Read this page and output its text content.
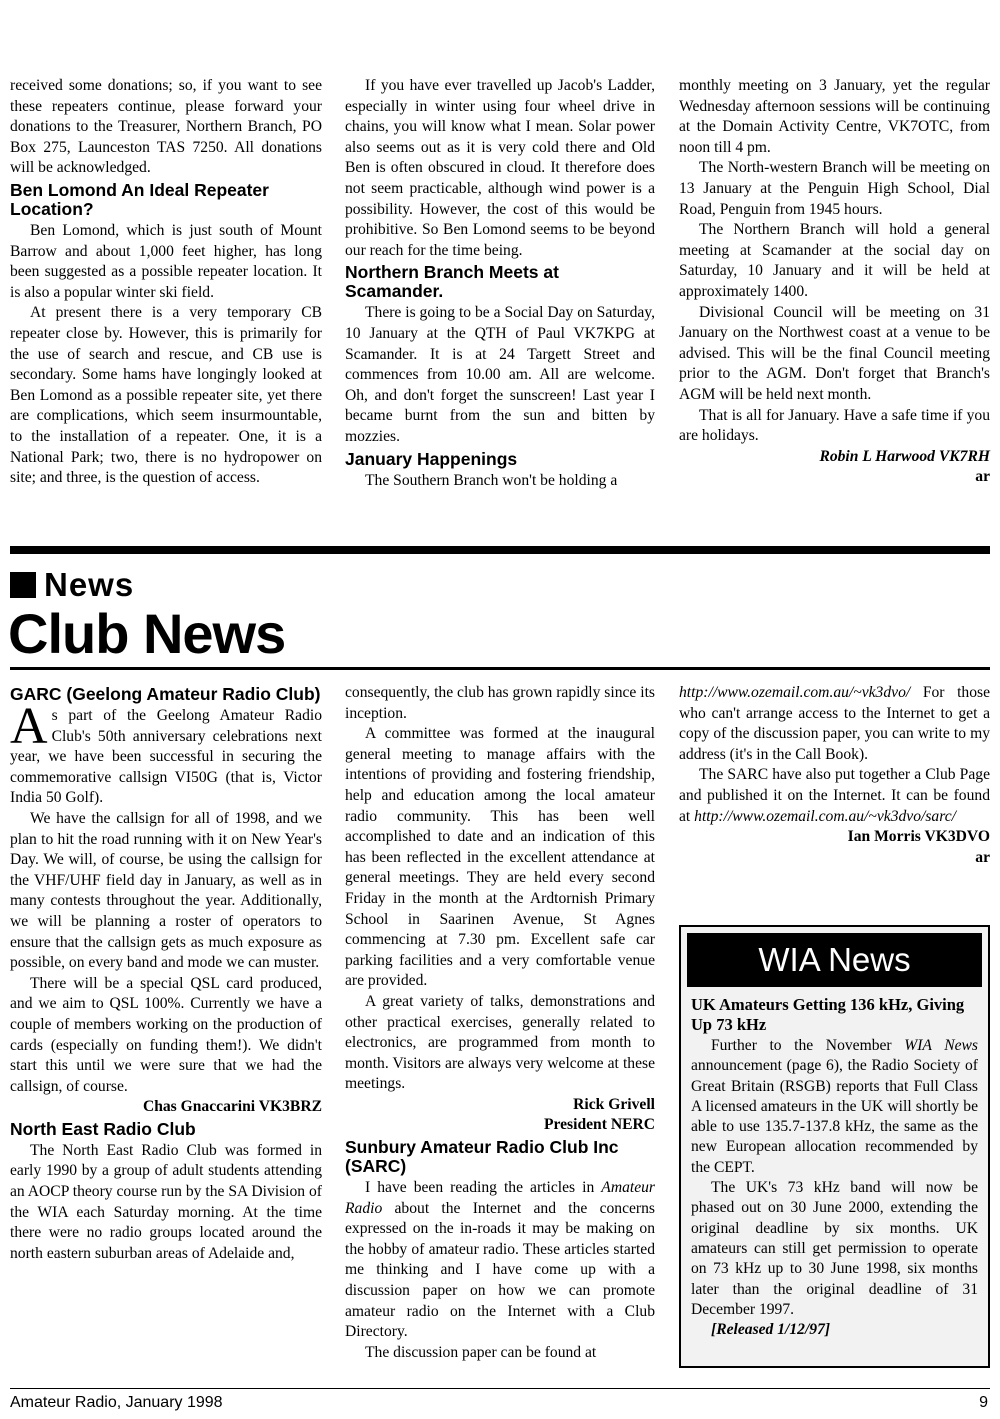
received some donations; so, if you want to see these repeaters continue, please forward your donations to the Treasurer, Northern Branch, PO Box 275, Launceston TAS 7250. All donations will be acknowledged.

Ben Lomond An Ideal Repeater Location?

Ben Lomond, which is just south of Mount Barrow and about 1,000 feet higher, has long been suggested as a possible repeater location. It is also a popular winter ski field.

At present there is a very temporary CB repeater close by. However, this is primarily for the use of search and rescue, and CB use is secondary. Some hams have longingly looked at Ben Lomond as a possible repeater site, yet there are complications, which seem insurmountable, to the installation of a repeater. One, it is a National Park; two, there is no hydropower on site; and three, is the question of access.

If you have ever travelled up Jacob's Ladder, especially in winter using four wheel drive in chains, you will know what I mean. Solar power also seems out as it is very cold there and Old Ben is often obscured in cloud. It therefore does not seem practicable, although wind power is a possibility. However, the cost of this would be prohibitive. So Ben Lomond seems to be beyond our reach for the time being.

Northern Branch Meets at Scamander.

There is going to be a Social Day on Saturday, 10 January at the QTH of Paul VK7KPG at Scamander. It is at 24 Targett Street and commences from 10.00 am. All are welcome. Oh, and don't forget the sunscreen! Last year I became burnt from the sun and bitten by mozzies.

January Happenings

The Southern Branch won't be holding a

monthly meeting on 3 January, yet the regular Wednesday afternoon sessions will be continuing at the Domain Activity Centre, VK7OTC, from noon till 4 pm.

The North-western Branch will be meeting on 13 January at the Penguin High School, Dial Road, Penguin from 1945 hours.

The Northern Branch will hold a general meeting at Scamander at the social day on Saturday, 10 January and it will be held at approximately 1400.

Divisional Council will be meeting on 31 January on the Northwest coast at a venue to be advised. This will be the final Council meeting prior to the AGM. Don't forget that Branch's AGM will be held next month.

That is all for January. Have a safe time if you are holidays.

Robin L Harwood VK7RH

ar

News
Club News
GARC (Geelong Amateur Radio Club)

As part of the Geelong Amateur Radio Club's 50th anniversary celebrations next year, we have been successful in securing the commemorative callsign VI50G (that is, Victor India 50 Golf).

We have the callsign for all of 1998, and we plan to hit the road running with it on New Year's Day. We will, of course, be using the callsign for the VHF/UHF field day in January, as well as in many contests throughout the year. Additionally, we will be planning a roster of operators to ensure that the callsign gets as much exposure as possible, on every band and mode we can muster.

There will be a special QSL card produced, and we aim to QSL 100%. Currently we have a couple of members working on the production of cards (especially on funding them!). We didn't start this until we were sure that we had the callsign, of course.

Chas Gnaccarini VK3BRZ

North East Radio Club

The North East Radio Club was formed in early 1990 by a group of adult students attending an AOCP theory course run by the SA Division of the WIA each Saturday morning. At the time there were no radio groups located around the north eastern suburban areas of Adelaide and,

consequently, the club has grown rapidly since its inception.

A committee was formed at the inaugural general meeting to manage affairs with the intentions of providing and fostering friendship, help and education among the local amateur radio community. This has been well accomplished to date and an indication of this has been reflected in the excellent attendance at general meetings. They are held every second Friday in the month at the Ardtornish Primary School in Saarinen Avenue, St Agnes commencing at 7.30 pm. Excellent safe car parking facilities and a very comfortable venue are provided.

A great variety of talks, demonstrations and other practical exercises, generally related to electronics, are programmed from month to month. Visitors are always very welcome at these meetings.

Rick Grivell

President NERC

Sunbury Amateur Radio Club Inc (SARC)

I have been reading the articles in Amateur Radio about the Internet and the concerns expressed on the in-roads it may be making on the hobby of amateur radio. These articles started me thinking and I have come up with a discussion paper on how we can promote amateur radio on the Internet with a Club Directory.

The discussion paper can be found at

http://www.ozemail.com.au/~vk3dvo/ For those who can't arrange access to the Internet to get a copy of the discussion paper, you can write to my address (it's in the Call Book).

The SARC have also put together a Club Page and published it on the Internet. It can be found at http://www.ozemail.com.au/~vk3dvo/sarc/

Ian Morris VK3DVO

ar

WIA News
UK Amateurs Getting 136 kHz, Giving Up 73 kHz

Further to the November WIA News announcement (page 6), the Radio Society of Great Britain (RSGB) reports that Full Class A licensed amateurs in the UK will shortly be able to use 135.7-137.8 kHz, the same as the new European allocation recommended by the CEPT.

The UK's 73 kHz band will now be phased out on 30 June 2000, extending the original deadline by six months. UK amateurs can still get permission to operate on 73 kHz up to 30 June 1998, six months later than the original deadline of 31 December 1997.

[Released 1/12/97]

Amateur Radio, January 1998	9
